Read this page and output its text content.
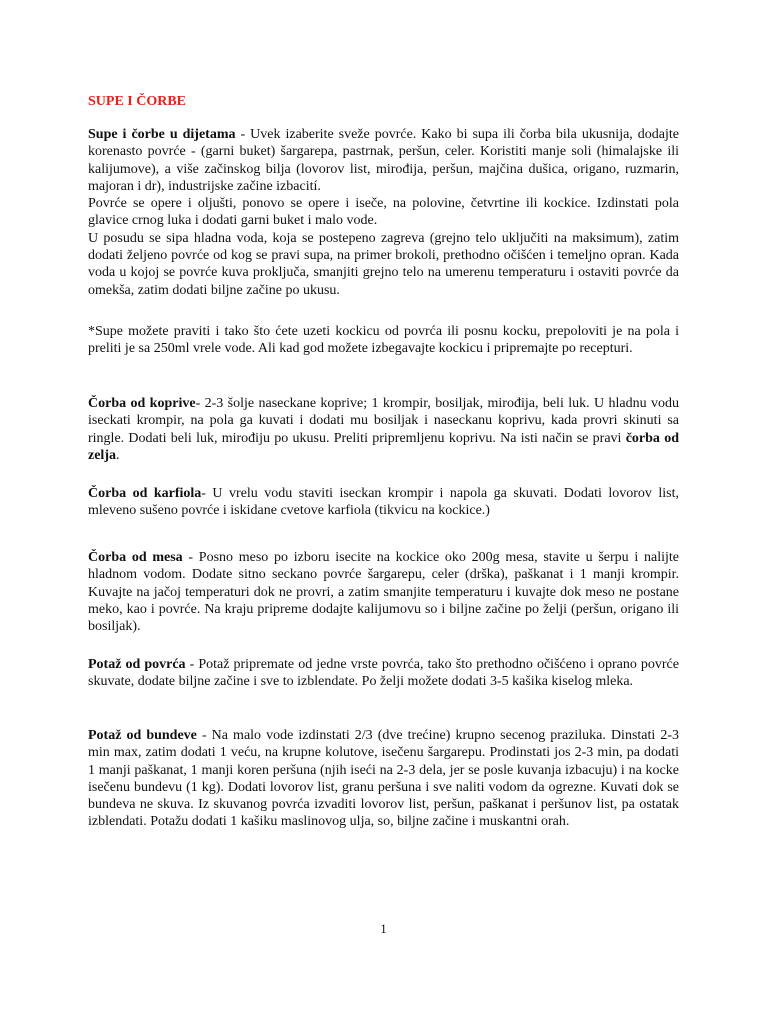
SUPE I ČORBE
Supe i čorbe u dijetama - Uvek izaberite sveže povrće. Kako bi supa ili čorba bila ukusnija, dodajte korenasto povrće - (garni buket) šargarepa, pastrnak, peršun, celer. Koristiti manje soli (himalajske ili kalijumove), a više začinskog bilja (lovorov list, mirođija, peršun, majčina dušica, origano, ruzmarin, majoran i dr), industrijske začine izbacití.
Povrće se opere i oljušti, ponovo se opere i iseče, na polovine, četvrtine ili kockice. Izdinstati pola glavice crnog luka i dodati garni buket i malo vode.
U posudu se sipa hladna voda, koja se postepeno zagreva (grejno telo uključiti na maksimum), zatim dodati željeno povrće od kog se pravi supa, na primer brokoli, prethodno očišćen i temeljno opran. Kada voda u kojoj se povrće kuva proključa, smanjiti grejno telo na umerenu temperaturu i ostaviti povrće da omekša, zatim dodati biljne začine po ukusu.
*Supe možete praviti i tako što ćete uzeti kockicu od povrća ili posnu kocku, prepoloviti je na pola i preliti je sa 250ml vrele vode. Ali kad god možete izbegavajte kockicu i pripremajte po recepturi.
Čorba od koprive- 2-3 šolje naseckane koprive; 1 krompir, bosiljak, mirođija, beli luk. U hladnu vodu iseckati krompir, na pola ga kuvati i dodati mu bosiljak i naseckanu koprivu, kada provri skinuti sa ringle. Dodati beli luk, mirođiju po ukusu. Preliti pripremljenu koprivu. Na isti način se pravi čorba od zelja.
Čorba od karfiola- U vrelu vodu staviti iseckan krompir i napola ga skuvati. Dodati lovorov list, mleveno sušeno povrće i iskidane cvetove karfiola (tikvicu na kockice.)
Čorba od mesa - Posno meso po izboru isecite na kockice oko 200g mesa, stavite u šerpu i nalijte hladnom vodom. Dodate sitno seckano povrće šargarepu, celer (drška), paškanat i 1 manji krompir. Kuvajte na jačoj temperaturi dok ne provri, a zatim smanjite temperaturu i kuvajte dok meso ne postane meko, kao i povrće. Na kraju pripreme dodajte kalijumovu so i biljne začine po želji (peršun, origano ili bosiljak).
Potaž od povrća - Potaž pripremate od jedne vrste povrća, tako što prethodno očišćeno i oprano povrće skuvate, dodate biljne začine i sve to izblendate. Po želji možete dodati 3-5 kašika kiselog mleka.
Potaž od bundeve - Na malo vode izdinstati 2/3 (dve trećine) krupno secenog praziluka. Dinstati 2-3 min max, zatim dodati 1 veću, na krupne kolutove, isečenu šargarepu. Prodinstati jos 2-3 min, pa dodati 1 manji paškanat, 1 manji koren peršuna (njih iseći na 2-3 dela, jer se posle kuvanja izbacuju) i na kocke isečenu bundevu (1 kg). Dodati lovorov list, granu peršuna i sve naliti vodom da ogrezne. Kuvati dok se bundeva ne skuva. Iz skuvanog povrća izvaditi lovorov list, peršun, paškanat i peršunov list, pa ostatak izblendati. Potažu dodati 1 kašiku maslinovog ulja, so, biljne začine i muskantni orah.
1
